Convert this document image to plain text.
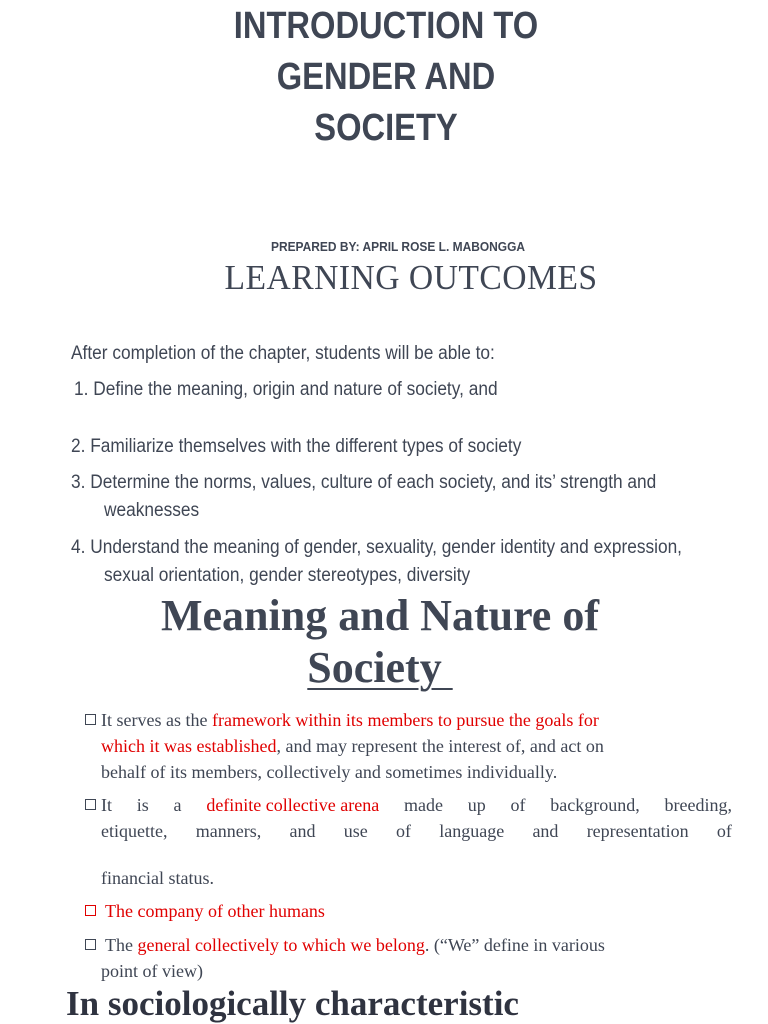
INTRODUCTION TO
GENDER AND
SOCIETY
PREPARED BY: APRIL ROSE L. MABONGGA
LEARNING OUTCOMES
After completion of the chapter, students will be able to:
1. Define the meaning, origin and nature of society, and
2. Familiarize themselves with the different types of society
3. Determine the norms, values, culture of each society, and its’ strength and
weaknesses
4. Understand the meaning of gender, sexuality, gender identity and expression,
sexual orientation, gender stereotypes, diversity
Meaning and Nature of
Society
It serves as the framework within its members to pursue the goals for
which it was established, and may represent the interest of, and act on
behalf of its members, collectively and sometimes individually.
It is a definite collective arena made up of background, breeding,
etiquette, manners, and use of language and representation of
financial status.
The company of other humans
The general collectively to which we belong. (“We” define in various
point of view)
In sociologically characteristic
